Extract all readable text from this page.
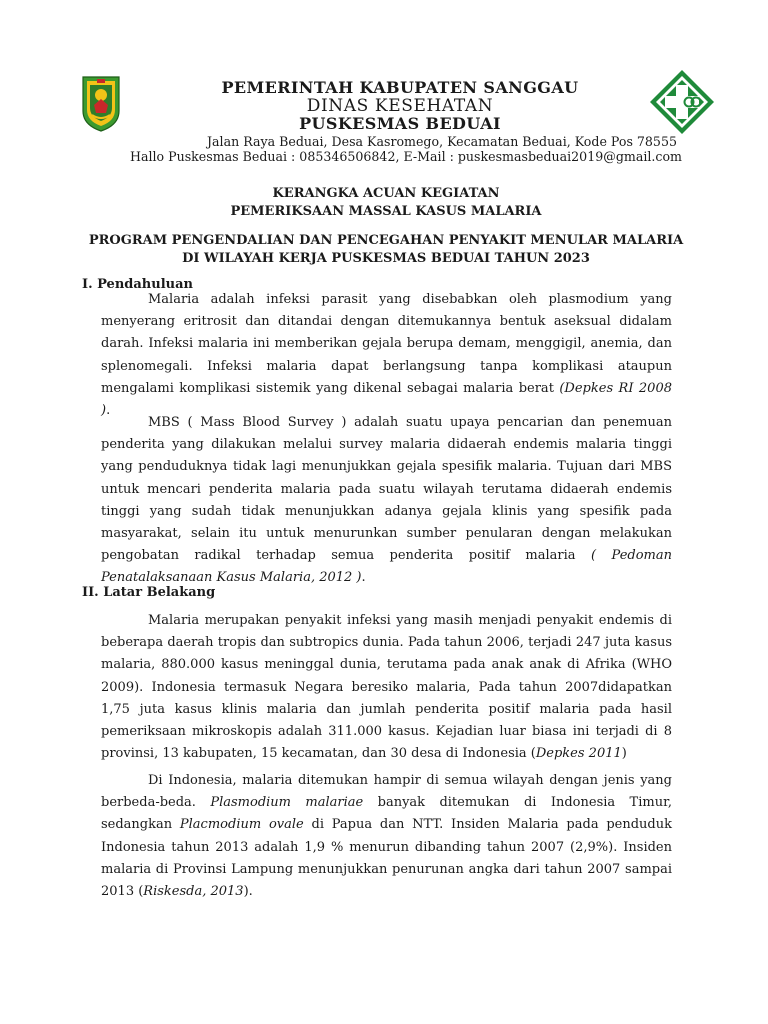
PEMERINTAH KABUPATEN SANGGAU
DINAS KESEHATAN
PUSKESMAS BEDUAI
Jalan Raya Beduai, Desa Kasromego, Kecamatan Beduai, Kode Pos 78555
Hallo Puskesmas Beduai : 085346506842, E-Mail : puskesmasbeduai2019@gmail.com
KERANGKA ACUAN KEGIATAN
PEMERIKSAAN MASSAL KASUS MALARIA
PROGRAM PENGENDALIAN DAN PENCEGAHAN PENYAKIT MENULAR MALARIA
DI WILAYAH KERJA PUSKESMAS BEDUAI TAHUN 2023
I. Pendahuluan

Malaria adalah infeksi parasit yang disebabkan oleh plasmodium yang menyerang eritrosit dan ditandai dengan ditemukannya bentuk aseksual didalam darah. Infeksi malaria ini memberikan gejala berupa demam, menggigil, anemia, dan splenomegali. Infeksi malaria dapat berlangsung tanpa komplikasi ataupun mengalami komplikasi sistemik yang dikenal sebagai malaria berat (Depkes RI 2008 ).

MBS ( Mass Blood Survey ) adalah suatu upaya pencarian dan penemuan penderita yang dilakukan melalui survey malaria didaerah endemis malaria tinggi yang penduduknya tidak lagi menunjukkan gejala spesifik malaria. Tujuan dari MBS untuk mencari penderita malaria pada suatu wilayah terutama didaerah endemis tinggi yang sudah tidak menunjukkan adanya gejala klinis yang spesifik pada masyarakat, selain itu untuk menurunkan sumber penularan dengan melakukan pengobatan radikal terhadap semua penderita positif malaria ( Pedoman Penatalaksanaan Kasus Malaria, 2012 ).

II. Latar Belakang

Malaria merupakan penyakit infeksi yang masih menjadi penyakit endemis di beberapa daerah tropis dan subtropics dunia. Pada tahun 2006, terjadi 247 juta kasus malaria, 880.000 kasus meninggal dunia, terutama pada anak anak di Afrika (WHO 2009). Indonesia termasuk Negara beresiko malaria, Pada tahun 2007didapatkan 1,75 juta kasus klinis malaria dan jumlah penderita positif malaria pada hasil pemeriksaan mikroskopis adalah 311.000 kasus. Kejadian luar biasa ini terjadi di 8 provinsi, 13 kabupaten, 15 kecamatan, dan 30 desa di Indonesia (Depkes 2011)

Di Indonesia, malaria ditemukan hampir di semua wilayah dengan jenis yang berbeda-beda. Plasmodium malariae banyak ditemukan di Indonesia Timur, sedangkan Placmodium ovale di Papua dan NTT. Insiden Malaria pada penduduk Indonesia tahun 2013 adalah 1,9 % menurun dibanding tahun 2007 (2,9%). Insiden malaria di Provinsi Lampung menunjukkan penurunan angka dari tahun 2007 sampai 2013 (Riskesda, 2013).
